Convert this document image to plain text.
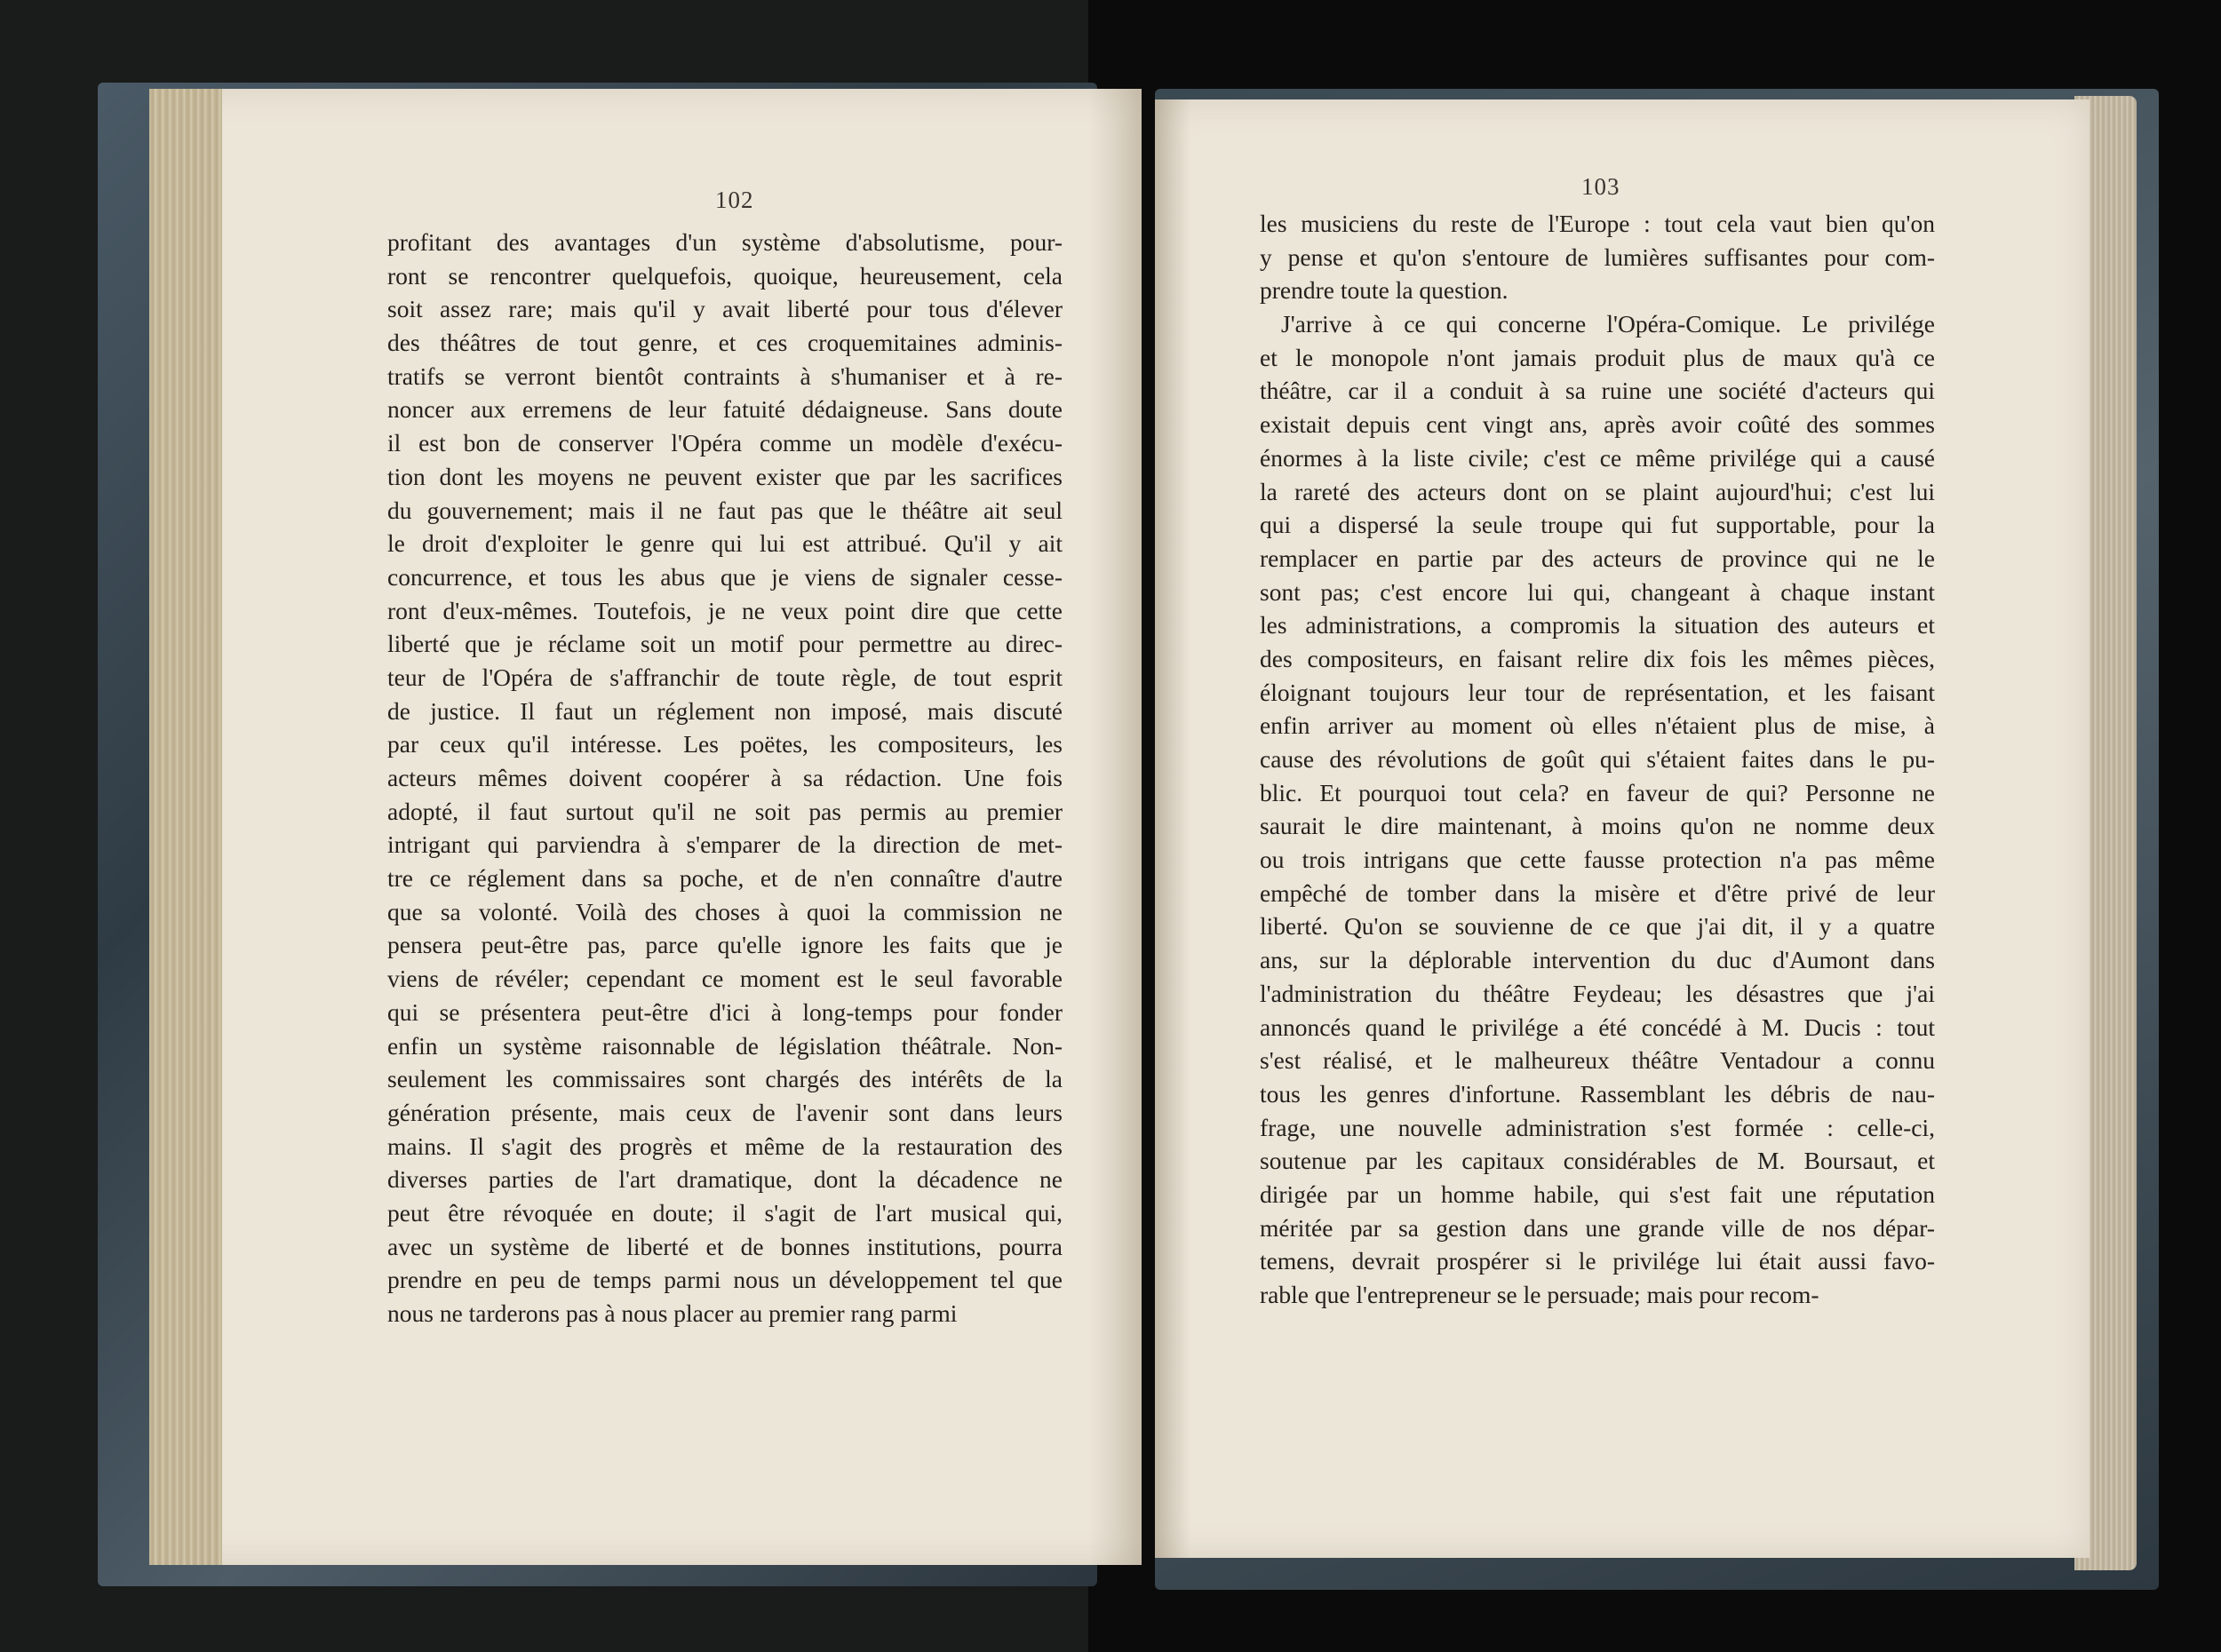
102	103
profitant des avantages d'un système d'absolutisme, pour-
ront se rencontrer quelquefois, quoique, heureusement, cela
soit assez rare; mais qu'il y avait liberté pour tous d'élever
des théâtres de tout genre, et ces croquemitaines adminis-
tratifs se verront bientôt contraints à s'humaniser et à re-
noncer aux erremens de leur fatuité dédaigneuse. Sans doute
il est bon de conserver l'Opéra comme un modèle d'exécu-
tion dont les moyens ne peuvent exister que par les sacrifices
du gouvernement; mais il ne faut pas que le théâtre ait seul
le droit d'exploiter le genre qui lui est attribué. Qu'il y ait
concurrence, et tous les abus que je viens de signaler cesse-
ront d'eux-mêmes. Toutefois, je ne veux point dire que cette
liberté que je réclame soit un motif pour permettre au direc-
teur de l'Opéra de s'affranchir de toute règle, de tout esprit
de justice. Il faut un réglement non imposé, mais discuté
par ceux qu'il intéresse. Les poëtes, les compositeurs, les
acteurs mêmes doivent coopérer à sa rédaction. Une fois
adopté, il faut surtout qu'il ne soit pas permis au premier
intrigant qui parviendra à s'emparer de la direction de met-
tre ce réglement dans sa poche, et de n'en connaître d'autre
que sa volonté. Voilà des choses à quoi la commission ne
pensera peut-être pas, parce qu'elle ignore les faits que je
viens de révéler; cependant ce moment est le seul favorable
qui se présentera peut-être d'ici à long-temps pour fonder
enfin un système raisonnable de législation théâtrale. Non-
seulement les commissaires sont chargés des intérêts de la
génération présente, mais ceux de l'avenir sont dans leurs
mains. Il s'agit des progrès et même de la restauration des
diverses parties de l'art dramatique, dont la décadence ne
peut être révoquée en doute; il s'agit de l'art musical qui,
avec un système de liberté et de bonnes institutions, pourra
prendre en peu de temps parmi nous un développement tel que
nous ne tarderons pas à nous placer au premier rang parmi
les musiciens du reste de l'Europe : tout cela vaut bien qu'on
y pense et qu'on s'entoure de lumières suffisantes pour com-
prendre toute la question.
J'arrive à ce qui concerne l'Opéra-Comique. Le privilége
et le monopole n'ont jamais produit plus de maux qu'à ce
théâtre, car il a conduit à sa ruine une société d'acteurs qui
existait depuis cent vingt ans, après avoir coûté des sommes
énormes à la liste civile; c'est ce même privilége qui a causé
la rareté des acteurs dont on se plaint aujourd'hui; c'est lui
qui a dispersé la seule troupe qui fut supportable, pour la
remplacer en partie par des acteurs de province qui ne le
sont pas; c'est encore lui qui, changeant à chaque instant
les administrations, a compromis la situation des auteurs et
des compositeurs, en faisant relire dix fois les mêmes pièces,
éloignant toujours leur tour de représentation, et les faisant
enfin arriver au moment où elles n'étaient plus de mise, à
cause des révolutions de goût qui s'étaient faites dans le pu-
blic. Et pourquoi tout cela? en faveur de qui? Personne ne
saurait le dire maintenant, à moins qu'on ne nomme deux
ou trois intrigans que cette fausse protection n'a pas même
empêché de tomber dans la misère et d'être privé de leur
liberté. Qu'on se souvienne de ce que j'ai dit, il y a quatre
ans, sur la déplorable intervention du duc d'Aumont dans
l'administration du théâtre Feydeau; les désastres que j'ai
annoncés quand le privilége a été concédé à M. Ducis : tout
s'est réalisé, et le malheureux théâtre Ventadour a connu
tous les genres d'infortune. Rassemblant les débris de nau-
frage, une nouvelle administration s'est formée : celle-ci,
soutenue par les capitaux considérables de M. Boursaut, et
dirigée par un homme habile, qui s'est fait une réputation
méritée par sa gestion dans une grande ville de nos dépar-
temens, devrait prospérer si le privilége lui était aussi favo-
rable que l'entrepreneur se le persuade; mais pour recom-
